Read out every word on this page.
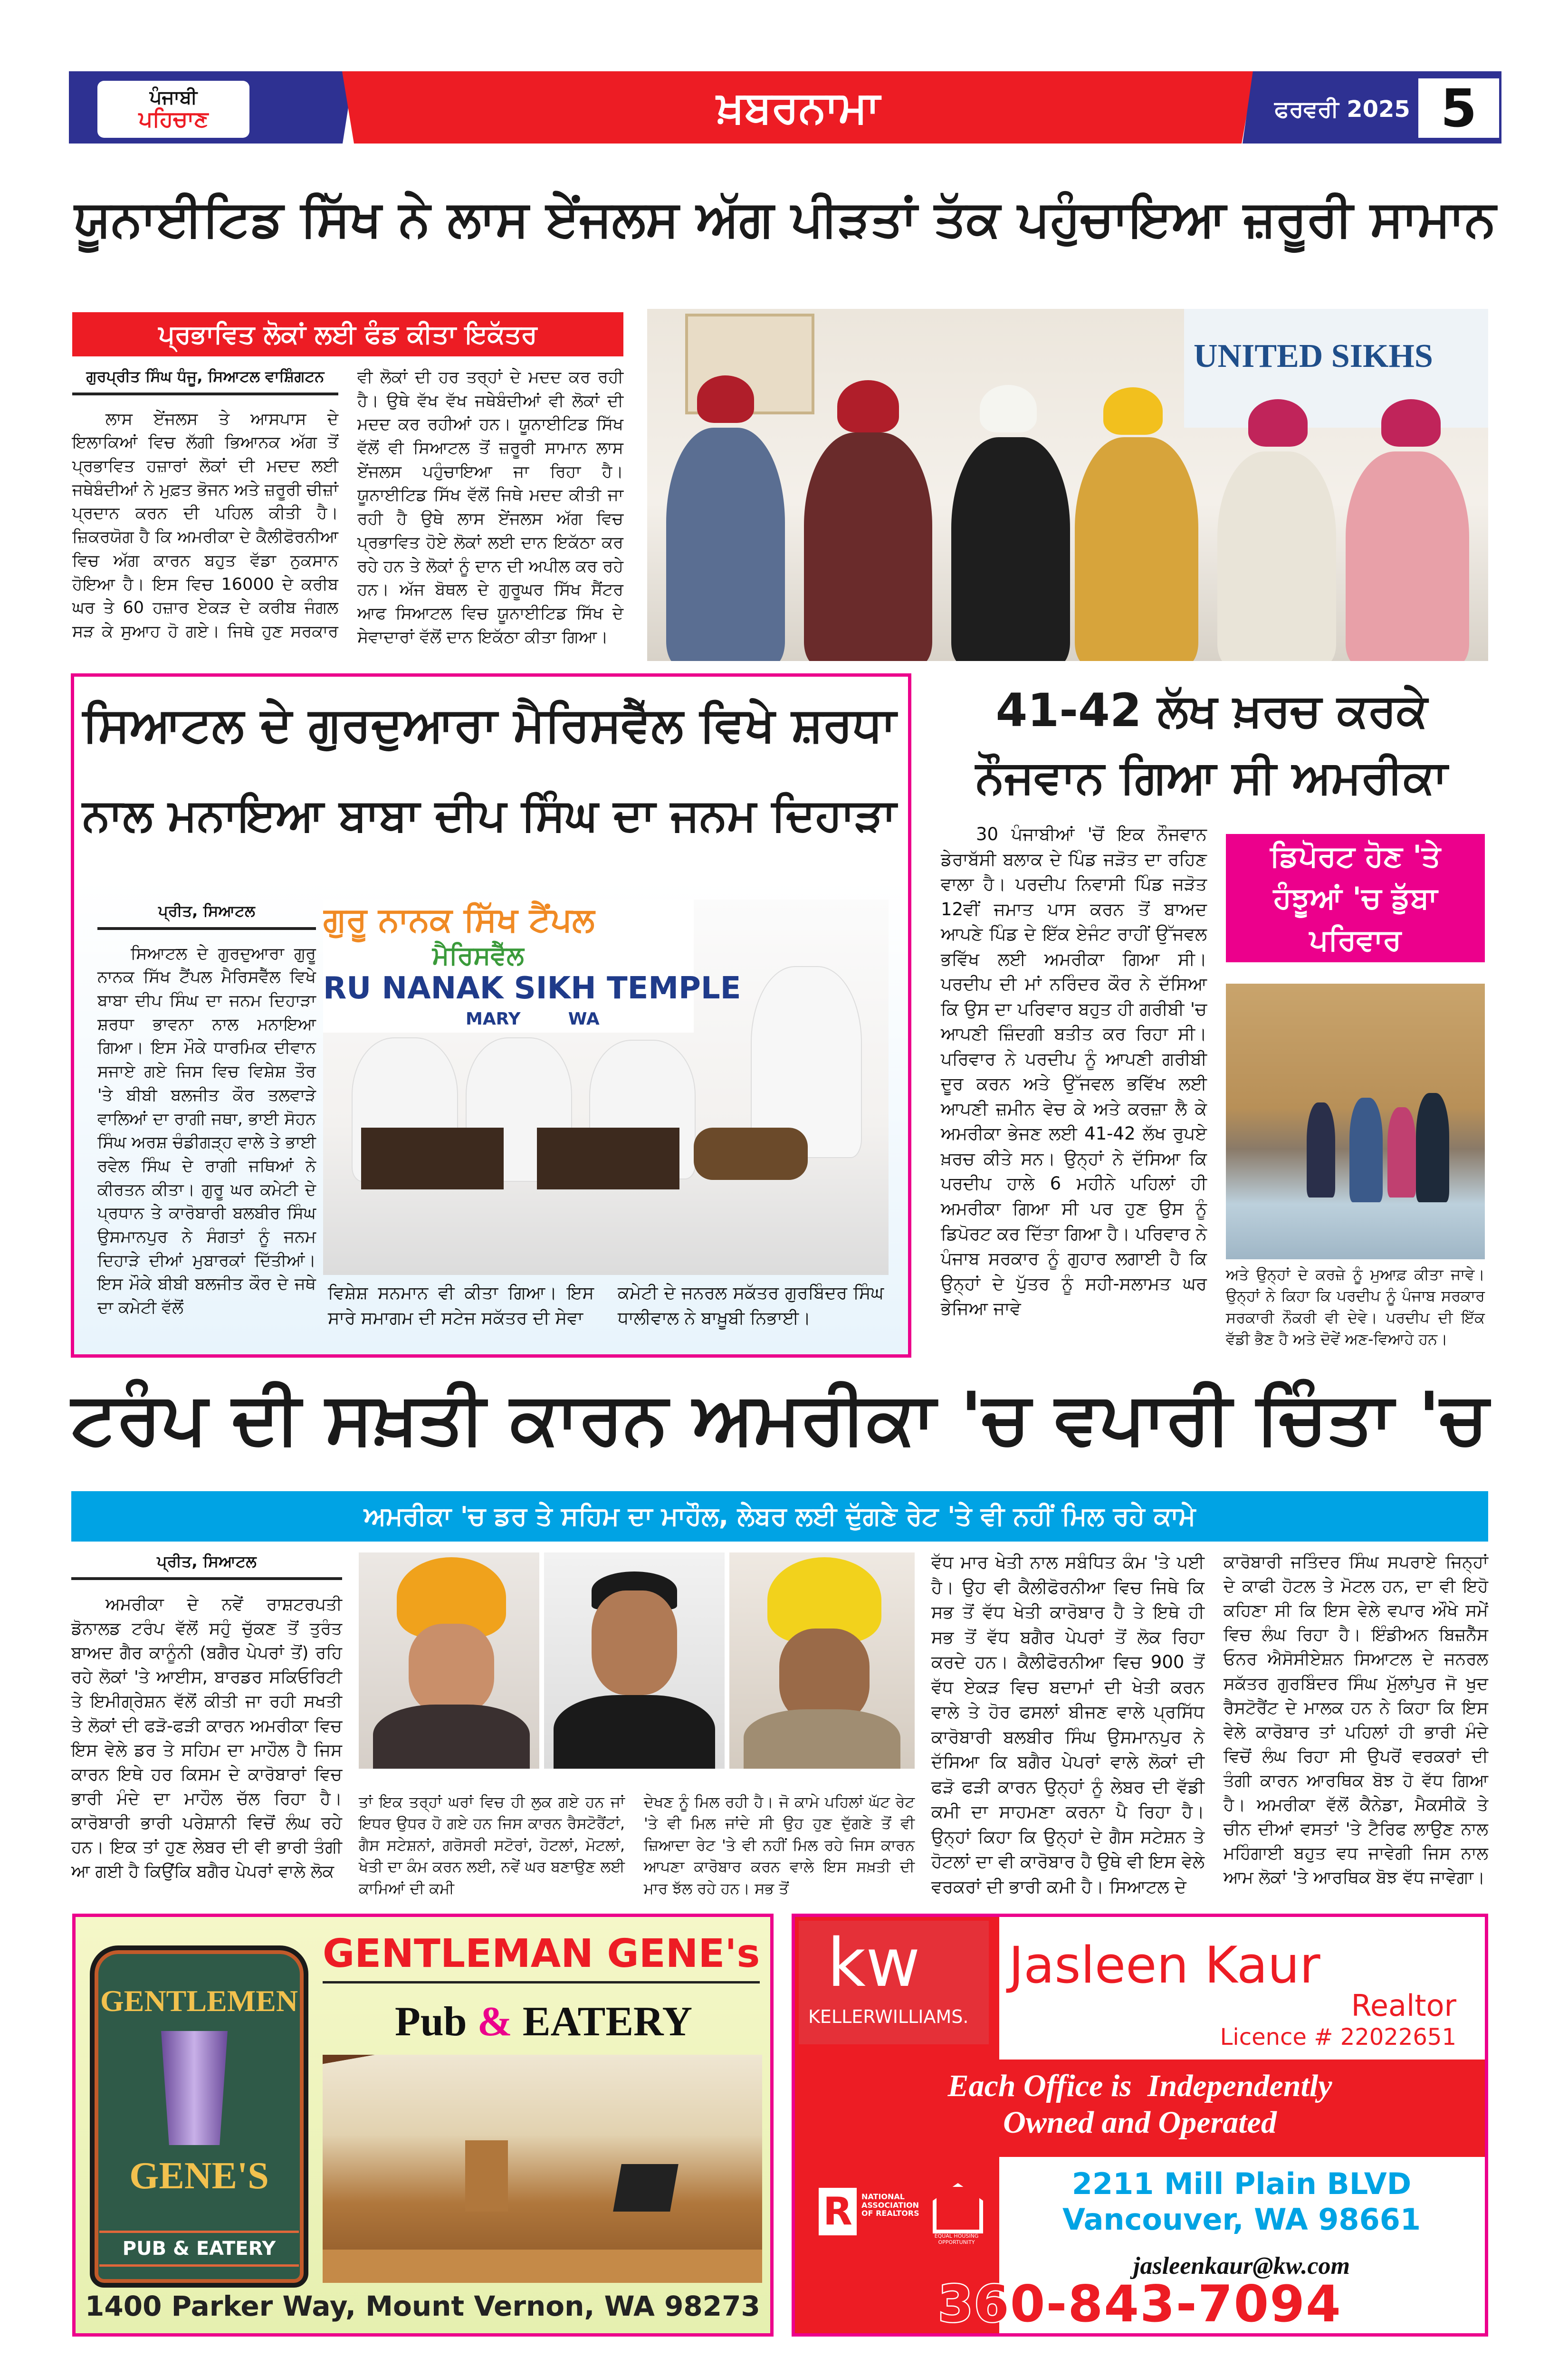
ਪੰਜਾਬੀ
ਪਹਿਚਾਣ	ਖ਼ਬਰਨਾਮਾ	ਫਰਵਰੀ 2025 5
ਯੂਨਾਈਟਿਡ ਸਿੱਖ ਨੇ ਲਾਸ ਏਂਜਲਸ ਅੱਗ ਪੀੜਤਾਂ ਤੱਕ ਪਹੁੰਚਾਇਆ ਜ਼ਰੂਰੀ ਸਾਮਾਨ
ਪ੍ਰਭਾਵਿਤ ਲੋਕਾਂ ਲਈ ਫੰਡ ਕੀਤਾ ਇਕੱਤਰ
ਗੁਰਪ੍ਰੀਤ ਸਿੰਘ ਧੰਜੂ, ਸਿਆਟਲ ਵਾਸ਼ਿੰਗਟਨ
ਲਾਸ ਏਂਜਲਸ ਤੇ ਆਸਪਾਸ ਦੇ ਇਲਾਕਿਆਂ ਵਿਚ ਲੱਗੀ ਭਿਆਨਕ ਅੱਗ ਤੋਂ ਪ੍ਰਭਾਵਿਤ ਹਜ਼ਾਰਾਂ ਲੋਕਾਂ ਦੀ ਮਦਦ ਲਈ ਜਥੇਬੰਦੀਆਂ ਨੇ ਮੁਫ਼ਤ ਭੋਜਨ ਅਤੇ ਜ਼ਰੂਰੀ ਚੀਜ਼ਾਂ ਪ੍ਰਦਾਨ ਕਰਨ ਦੀ ਪਹਿਲ ਕੀਤੀ ਹੈ। ਜ਼ਿਕਰਯੋਗ ਹੈ ਕਿ ਅਮਰੀਕਾ ਦੇ ਕੈਲੀਫੋਰਨੀਆ ਵਿਚ ਅੱਗ ਕਾਰਨ ਬਹੁਤ ਵੱਡਾ ਨੁਕਸਾਨ ਹੋਇਆ ਹੈ। ਇਸ ਵਿਚ 16000 ਦੇ ਕਰੀਬ ਘਰ ਤੇ 60 ਹਜ਼ਾਰ ਏਕੜ ਦੇ ਕਰੀਬ ਜੰਗਲ ਸੜ ਕੇ ਸੁਆਹ ਹੋ ਗਏ। ਜਿਥੇ ਹੁਣ ਸਰਕਾਰ ਵੀ ਲੋਕਾਂ ਦੀ ਹਰ ਤਰ੍ਹਾਂ ਦੇ ਮਦਦ ਕਰ ਰਹੀ ਹੈ। ਉਥੇ ਵੱਖ ਵੱਖ ਜਥੇਬੰਦੀਆਂ ਵੀ ਲੋਕਾਂ ਦੀ ਮਦਦ ਕਰ ਰਹੀਆਂ ਹਨ। ਯੂਨਾਈਟਿਡ ਸਿੱਖ ਵੱਲੋਂ ਵੀ ਸਿਆਟਲ ਤੋਂ ਜ਼ਰੂਰੀ ਸਾਮਾਨ ਲਾਸ ਏਂਜਲਸ ਪਹੁੰਚਾਇਆ ਜਾ ਰਿਹਾ ਹੈ। ਯੂਨਾਈਟਿਡ ਸਿੱਖ ਵੱਲੋਂ ਜਿਥੇ ਮਦਦ ਕੀਤੀ ਜਾ ਰਹੀ ਹੈ ਉਥੇ ਲਾਸ ਏਂਜਲਸ ਅੱਗ ਵਿਚ ਪ੍ਰਭਾਵਿਤ ਹੋਏ ਲੋਕਾਂ ਲਈ ਦਾਨ ਇਕੱਠਾ ਕਰ ਰਹੇ ਹਨ ਤੇ ਲੋਕਾਂ ਨੂੰ ਦਾਨ ਦੀ ਅਪੀਲ ਕਰ ਰਹੇ ਹਨ। ਅੱਜ ਬੋਥਲ ਦੇ ਗੁਰੂਘਰ ਸਿੱਖ ਸੈਂਟਰ ਆਫ ਸਿਆਟਲ ਵਿਚ ਯੂਨਾਈਟਿਡ ਸਿੱਖ ਦੇ ਸੇਵਾਦਾਰਾਂ ਵੱਲੋਂ ਦਾਨ ਇਕੱਠਾ ਕੀਤਾ ਗਿਆ।
UNITED SIKHS
ਸਿਆਟਲ ਦੇ ਗੁਰਦੁਆਰਾ ਮੈਰਿਸਵੈੱਲ ਵਿਖੇ ਸ਼ਰਧਾ
ਨਾਲ ਮਨਾਇਆ ਬਾਬਾ ਦੀਪ ਸਿੰਘ ਦਾ ਜਨਮ ਦਿਹਾੜਾ
ਪ੍ਰੀਤ, ਸਿਆਟਲ
ਸਿਆਟਲ ਦੇ ਗੁਰਦੁਆਰਾ ਗੁਰੂ ਨਾਨਕ ਸਿੱਖ ਟੈਂਪਲ ਮੈਰਿਸਵੈੱਲ ਵਿਖੇ ਬਾਬਾ ਦੀਪ ਸਿੰਘ ਦਾ ਜਨਮ ਦਿਹਾੜਾ ਸ਼ਰਧਾ ਭਾਵਨਾ ਨਾਲ ਮਨਾਇਆ ਗਿਆ। ਇਸ ਮੌਕੇ ਧਾਰਮਿਕ ਦੀਵਾਨ ਸਜਾਏ ਗਏ ਜਿਸ ਵਿਚ ਵਿਸ਼ੇਸ਼ ਤੌਰ 'ਤੇ ਬੀਬੀ ਬਲਜੀਤ ਕੌਰ ਤਲਵਾੜੇ ਵਾਲਿਆਂ ਦਾ ਰਾਗੀ ਜਥਾ, ਭਾਈ ਸੋਹਨ ਸਿੰਘ ਅਰਸ਼ ਚੰਡੀਗੜ੍ਹ ਵਾਲੇ ਤੇ ਭਾਈ ਰਵੇਲ ਸਿੰਘ ਦੇ ਰਾਗੀ ਜਥਿਆਂ ਨੇ ਕੀਰਤਨ ਕੀਤਾ। ਗੁਰੂ ਘਰ ਕਮੇਟੀ ਦੇ ਪ੍ਰਧਾਨ ਤੇ ਕਾਰੋਬਾਰੀ ਬਲਬੀਰ ਸਿੰਘ ਉਸਮਾਨਪੁਰ ਨੇ ਸੰਗਤਾਂ ਨੂੰ ਜਨਮ ਦਿਹਾੜੇ ਦੀਆਂ ਮੁਬਾਰਕਾਂ ਦਿੱਤੀਆਂ। ਇਸ ਮੌਕੇ ਬੀਬੀ ਬਲਜੀਤ ਕੌਰ ਦੇ ਜਥੇ ਦਾ ਕਮੇਟੀ ਵੱਲੋਂ
ਗੁਰੂ ਨਾਨਕ ਸਿੱਖ ਟੈਂਪਲ
ਮੈਰਿਸਵੈੱਲ
RU NANAK SIKH TEMPLE
MARY        WA
ਵਿਸ਼ੇਸ਼ ਸਨਮਾਨ ਵੀ ਕੀਤਾ ਗਿਆ। ਇਸ ਸਾਰੇ ਸਮਾਗਮ ਦੀ ਸਟੇਜ ਸਕੱਤਰ ਦੀ ਸੇਵਾ
ਕਮੇਟੀ ਦੇ ਜਨਰਲ ਸਕੱਤਰ ਗੁਰਬਿੰਦਰ ਸਿੰਘ ਧਾਲੀਵਾਲ ਨੇ ਬਾਖ਼ੂਬੀ ਨਿਭਾਈ।
41-42 ਲੱਖ ਖ਼ਰਚ ਕਰਕੇ
ਨੌਜਵਾਨ ਗਿਆ ਸੀ ਅਮਰੀਕਾ
30 ਪੰਜਾਬੀਆਂ 'ਚੋਂ ਇਕ ਨੌਜਵਾਨ ਡੇਰਾਬੱਸੀ ਬਲਾਕ ਦੇ ਪਿੰਡ ਜੜੋਤ ਦਾ ਰਹਿਣ ਵਾਲਾ ਹੈ। ਪਰਦੀਪ ਨਿਵਾਸੀ ਪਿੰਡ ਜੜੋਤ 12ਵੀਂ ਜਮਾਤ ਪਾਸ ਕਰਨ ਤੋਂ ਬਾਅਦ ਆਪਣੇ ਪਿੰਡ ਦੇ ਇੱਕ ਏਜੰਟ ਰਾਹੀਂ ਉੱਜਵਲ ਭਵਿੱਖ ਲਈ ਅਮਰੀਕਾ ਗਿਆ ਸੀ। ਪਰਦੀਪ ਦੀ ਮਾਂ ਨਰਿੰਦਰ ਕੌਰ ਨੇ ਦੱਸਿਆ ਕਿ ਉਸ ਦਾ ਪਰਿਵਾਰ ਬਹੁਤ ਹੀ ਗਰੀਬੀ 'ਚ ਆਪਣੀ ਜ਼ਿੰਦਗੀ ਬਤੀਤ ਕਰ ਰਿਹਾ ਸੀ। ਪਰਿਵਾਰ ਨੇ ਪਰਦੀਪ ਨੂੰ ਆਪਣੀ ਗਰੀਬੀ ਦੂਰ ਕਰਨ ਅਤੇ ਉੱਜਵਲ ਭਵਿੱਖ ਲਈ ਆਪਣੀ ਜ਼ਮੀਨ ਵੇਚ ਕੇ ਅਤੇ ਕਰਜ਼ਾ ਲੈ ਕੇ ਅਮਰੀਕਾ ਭੇਜਣ ਲਈ 41-42 ਲੱਖ ਰੁਪਏ ਖ਼ਰਚ ਕੀਤੇ ਸਨ। ਉਨ੍ਹਾਂ ਨੇ ਦੱਸਿਆ ਕਿ ਪਰਦੀਪ ਹਾਲੇ 6 ਮਹੀਨੇ ਪਹਿਲਾਂ ਹੀ ਅਮਰੀਕਾ ਗਿਆ ਸੀ ਪਰ ਹੁਣ ਉਸ ਨੂੰ ਡਿਪੋਰਟ ਕਰ ਦਿੱਤਾ ਗਿਆ ਹੈ। ਪਰਿਵਾਰ ਨੇ ਪੰਜਾਬ ਸਰਕਾਰ ਨੂੰ ਗੁਹਾਰ ਲਗਾਈ ਹੈ ਕਿ ਉਨ੍ਹਾਂ ਦੇ ਪੁੱਤਰ ਨੂੰ ਸਹੀ-ਸਲਾਮਤ ਘਰ ਭੇਜਿਆ ਜਾਵੇ
ਡਿਪੋਰਟ ਹੋਣ 'ਤੇ
ਹੰਝੂਆਂ 'ਚ ਡੁੱਬਾ
ਪਰਿਵਾਰ
ਅਤੇ ਉਨ੍ਹਾਂ ਦੇ ਕਰਜ਼ੇ ਨੂੰ ਮੁਆਫ਼ ਕੀਤਾ ਜਾਵੇ। ਉਨ੍ਹਾਂ ਨੇ ਕਿਹਾ ਕਿ ਪਰਦੀਪ ਨੂੰ ਪੰਜਾਬ ਸਰਕਾਰ ਸਰਕਾਰੀ ਨੌਕਰੀ ਵੀ ਦੇਵੇ। ਪਰਦੀਪ ਦੀ ਇੱਕ ਵੱਡੀ ਭੈਣ ਹੈ ਅਤੇ ਦੋਵੇਂ ਅਣ-ਵਿਆਹੇ ਹਨ।
ਟਰੰਪ ਦੀ ਸਖ਼ਤੀ ਕਾਰਨ ਅਮਰੀਕਾ 'ਚ ਵਪਾਰੀ ਚਿੰਤਾ 'ਚ
ਅਮਰੀਕਾ 'ਚ ਡਰ ਤੇ ਸਹਿਮ ਦਾ ਮਾਹੌਲ, ਲੇਬਰ ਲਈ ਦੁੱਗਣੇ ਰੇਟ 'ਤੇ ਵੀ ਨਹੀਂ ਮਿਲ ਰਹੇ ਕਾਮੇ
ਪ੍ਰੀਤ, ਸਿਆਟਲ
ਅਮਰੀਕਾ ਦੇ ਨਵੇਂ ਰਾਸ਼ਟਰਪਤੀ ਡੋਨਾਲਡ ਟਰੰਪ ਵੱਲੋਂ ਸਹੁੰ ਚੁੱਕਣ ਤੋਂ ਤੁਰੰਤ ਬਾਅਦ ਗੈਰ ਕਾਨੂੰਨੀ (ਬਗੈਰ ਪੇਪਰਾਂ ਤੋਂ) ਰਹਿ ਰਹੇ ਲੋਕਾਂ 'ਤੇ ਆਈਸ, ਬਾਰਡਰ ਸਕਿਓਰਿਟੀ ਤੇ ਇਮੀਗ੍ਰੇਸ਼ਨ ਵੱਲੋਂ ਕੀਤੀ ਜਾ ਰਹੀ ਸਖਤੀ ਤੇ ਲੋਕਾਂ ਦੀ ਫੜੋ-ਫੜੀ ਕਾਰਨ ਅਮਰੀਕਾ ਵਿਚ ਇਸ ਵੇਲੇ ਡਰ ਤੇ ਸਹਿਮ ਦਾ ਮਾਹੌਲ ਹੈ ਜਿਸ ਕਾਰਨ ਇਥੇ ਹਰ ਕਿਸਮ ਦੇ ਕਾਰੋਬਾਰਾਂ ਵਿਚ ਭਾਰੀ ਮੰਦੇ ਦਾ ਮਾਹੌਲ ਚੱਲ ਰਿਹਾ ਹੈ। ਕਾਰੋਬਾਰੀ ਭਾਰੀ ਪਰੇਸ਼ਾਨੀ ਵਿਚੋਂ ਲੰਘ ਰਹੇ ਹਨ। ਇਕ ਤਾਂ ਹੁਣ ਲੇਬਰ ਦੀ ਵੀ ਭਾਰੀ ਤੰਗੀ ਆ ਗਈ ਹੈ ਕਿਉਂਕਿ ਬਗੈਰ ਪੇਪਰਾਂ ਵਾਲੇ ਲੋਕ
ਤਾਂ ਇਕ ਤਰ੍ਹਾਂ ਘਰਾਂ ਵਿਚ ਹੀ ਲੁਕ ਗਏ ਹਨ ਜਾਂ ਇਧਰ ਉਧਰ ਹੋ ਗਏ ਹਨ ਜਿਸ ਕਾਰਨ ਰੈਸਟੋਰੈਂਟਾਂ, ਗੈਸ ਸਟੇਸ਼ਨਾਂ, ਗਰੋਸਰੀ ਸਟੋਰਾਂ, ਹੋਟਲਾਂ, ਮੋਟਲਾਂ, ਖੇਤੀ ਦਾ ਕੰਮ ਕਰਨ ਲਈ, ਨਵੇਂ ਘਰ ਬਣਾਉਣ ਲਈ ਕਾਮਿਆਂ ਦੀ ਕਮੀ
ਦੇਖਣ ਨੂੰ ਮਿਲ ਰਹੀ ਹੈ। ਜੋ ਕਾਮੇ ਪਹਿਲਾਂ ਘੱਟ ਰੇਟ 'ਤੇ ਵੀ ਮਿਲ ਜਾਂਦੇ ਸੀ ਉਹ ਹੁਣ ਦੁੱਗਣੇ ਤੋਂ ਵੀ ਜ਼ਿਆਦਾ ਰੇਟ 'ਤੇ ਵੀ ਨਹੀਂ ਮਿਲ ਰਹੇ ਜਿਸ ਕਾਰਨ ਆਪਣਾ ਕਾਰੋਬਾਰ ਕਰਨ ਵਾਲੇ ਇਸ ਸਖ਼ਤੀ ਦੀ ਮਾਰ ਝੱਲ ਰਹੇ ਹਨ। ਸਭ ਤੋਂ
ਵੱਧ ਮਾਰ ਖੇਤੀ ਨਾਲ ਸਬੰਧਿਤ ਕੰਮ 'ਤੇ ਪਈ ਹੈ। ਉਹ ਵੀ ਕੈਲੀਫੋਰਨੀਆ ਵਿਚ ਜਿਥੇ ਕਿ ਸਭ ਤੋਂ ਵੱਧ ਖੇਤੀ ਕਾਰੋਬਾਰ ਹੈ ਤੇ ਇਥੇ ਹੀ ਸਭ ਤੋਂ ਵੱਧ ਬਗੈਰ ਪੇਪਰਾਂ ਤੋਂ ਲੋਕ ਰਿਹਾ ਕਰਦੇ ਹਨ। ਕੈਲੀਫੋਰਨੀਆ ਵਿਚ 900 ਤੋਂ ਵੱਧ ਏਕੜ ਵਿਚ ਬਦਾਮਾਂ ਦੀ ਖੇਤੀ ਕਰਨ ਵਾਲੇ ਤੇ ਹੋਰ ਫਸਲਾਂ ਬੀਜਣ ਵਾਲੇ ਪ੍ਰਸਿੱਧ ਕਾਰੋਬਾਰੀ ਬਲਬੀਰ ਸਿੰਘ ਉਸਮਾਨਪੁਰ ਨੇ ਦੱਸਿਆ ਕਿ ਬਗੈਰ ਪੇਪਰਾਂ ਵਾਲੇ ਲੋਕਾਂ ਦੀ ਫੜੋ ਫੜੀ ਕਾਰਨ ਉਨ੍ਹਾਂ ਨੂੰ ਲੇਬਰ ਦੀ ਵੱਡੀ ਕਮੀ ਦਾ ਸਾਹਮਣਾ ਕਰਨਾ ਪੈ ਰਿਹਾ ਹੈ। ਉਨ੍ਹਾਂ ਕਿਹਾ ਕਿ ਉਨ੍ਹਾਂ ਦੇ ਗੈਸ ਸਟੇਸ਼ਨ ਤੇ ਹੋਟਲਾਂ ਦਾ ਵੀ ਕਾਰੋਬਾਰ ਹੈ ਉਥੇ ਵੀ ਇਸ ਵੇਲੇ ਵਰਕਰਾਂ ਦੀ ਭਾਰੀ ਕਮੀ ਹੈ। ਸਿਆਟਲ ਦੇ
ਕਾਰੋਬਾਰੀ ਜਤਿੰਦਰ ਸਿੰਘ ਸਪਰਾਏ ਜਿਨ੍ਹਾਂ ਦੇ ਕਾਫੀ ਹੋਟਲ ਤੇ ਮੋਟਲ ਹਨ, ਦਾ ਵੀ ਇਹੋ ਕਹਿਣਾ ਸੀ ਕਿ ਇਸ ਵੇਲੇ ਵਪਾਰ ਔਖੇ ਸਮੇਂ ਵਿਚ ਲੰਘ ਰਿਹਾ ਹੈ। ਇੰਡੀਅਨ ਬਿਜ਼ਨੈੱਸ ਓਨਰ ਐਸੋਸੀਏਸ਼ਨ ਸਿਆਟਲ ਦੇ ਜਨਰਲ ਸਕੱਤਰ ਗੁਰਬਿੰਦਰ ਸਿੰਘ ਮੁੱਲਾਂਪੁਰ ਜੋ ਖੁਦ ਰੈਸਟੋਰੈਂਟ ਦੇ ਮਾਲਕ ਹਨ ਨੇ ਕਿਹਾ ਕਿ ਇਸ ਵੇਲੇ ਕਾਰੋਬਾਰ ਤਾਂ ਪਹਿਲਾਂ ਹੀ ਭਾਰੀ ਮੰਦੇ ਵਿਚੋਂ ਲੰਘ ਰਿਹਾ ਸੀ ਉਪਰੋਂ ਵਰਕਰਾਂ ਦੀ ਤੰਗੀ ਕਾਰਨ ਆਰਥਿਕ ਬੋਝ ਹੋ ਵੱਧ ਗਿਆ ਹੈ। ਅਮਰੀਕਾ ਵੱਲੋਂ ਕੈਨੇਡਾ, ਮੈਕਸੀਕੋ ਤੇ ਚੀਨ ਦੀਆਂ ਵਸਤਾਂ 'ਤੇ ਟੈਰਿਫ ਲਾਉਣ ਨਾਲ ਮਹਿੰਗਾਈ ਬਹੁਤ ਵਧ ਜਾਵੇਗੀ ਜਿਸ ਨਾਲ ਆਮ ਲੋਕਾਂ 'ਤੇ ਆਰਥਿਕ ਬੋਝ ਵੱਧ ਜਾਵੇਗਾ।
GENTLEMEN
GENE'S
PUB & EATERY
GENTLEMAN GENE's
Pub & EATERY
1400 Parker Way, Mount Vernon, WA 98273
kw
KELLERWILLIAMS.
Jasleen Kaur
Realtor
Licence # 22022651
Each Office is  Independently
Owned and Operated
R	NATIONAL ASSOCIATION OF REALTORS
EQUAL HOUSING OPPORTUNITY
2211 Mill Plain BLVD
Vancouver, WA 98661
jasleenkaur@kw.com
360-843-7094
